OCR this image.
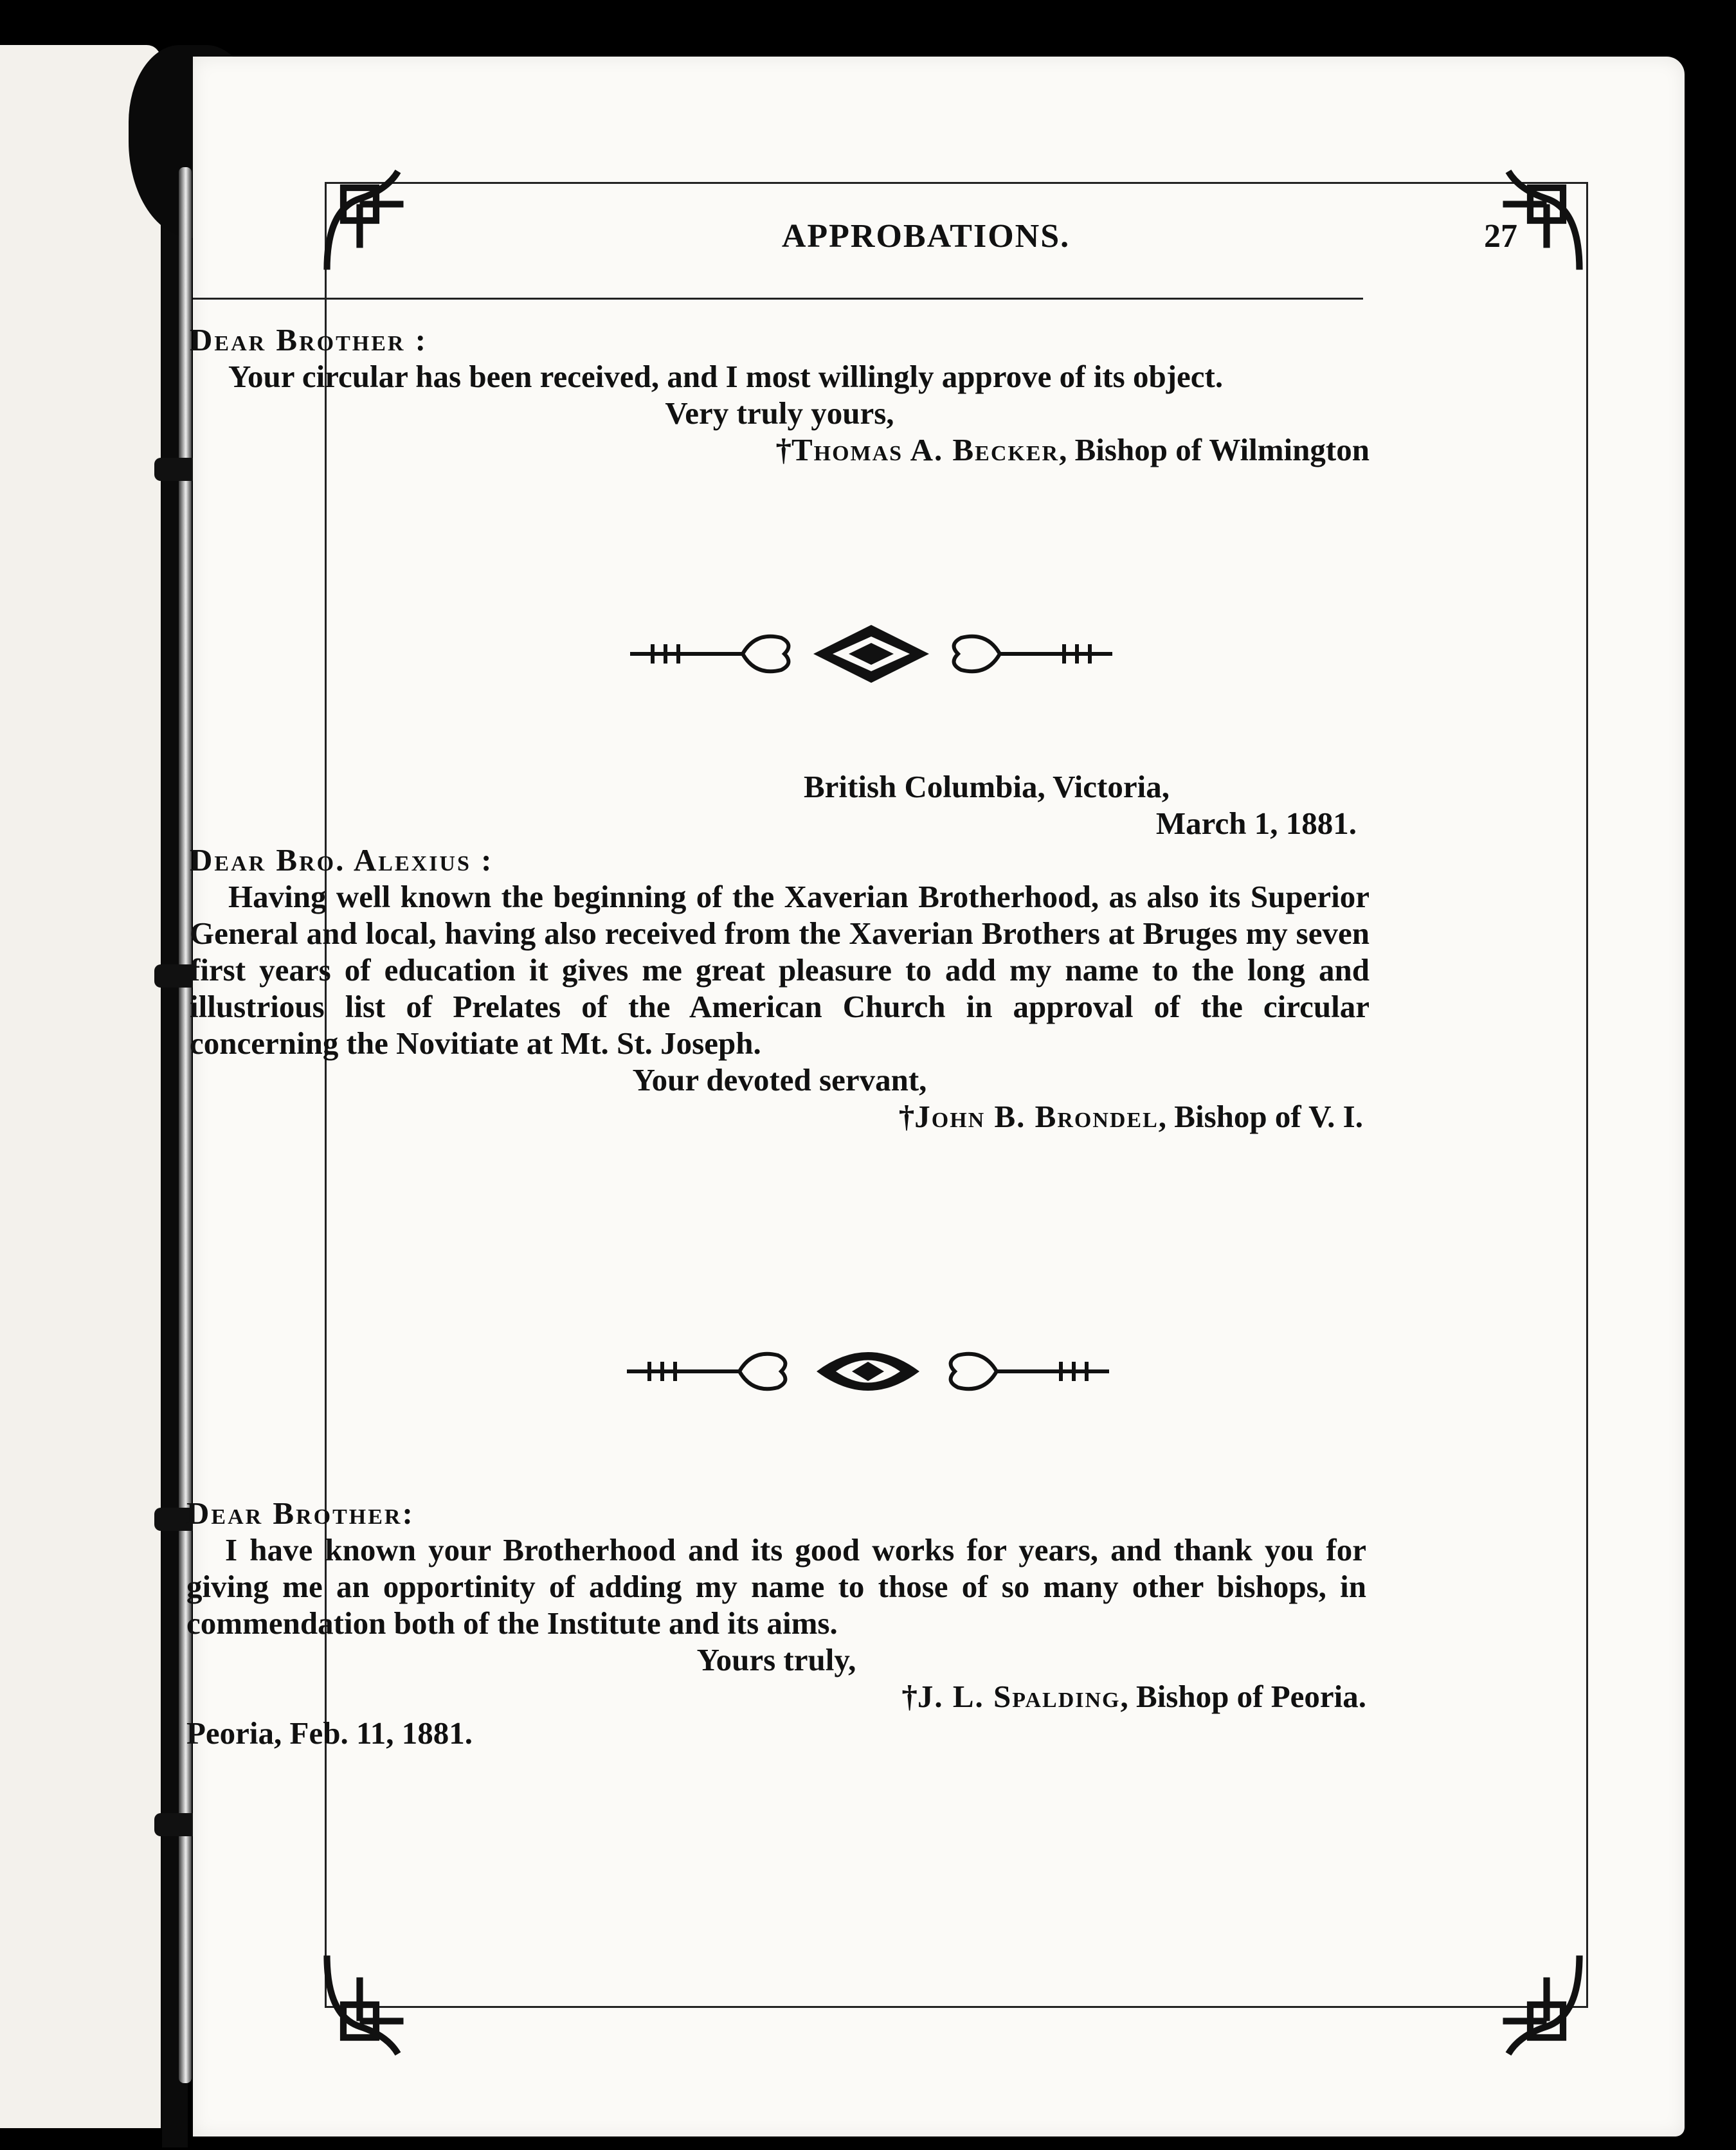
APPROBATIONS.	27
Dear Brother :
Your circular has been received, and I most willingly approve of its object.
Very truly yours,
†Thomas A. Becker, Bishop of Wilmington
British Columbia, Victoria,
March 1, 1881.
Dear Bro. Alexius :
Having well known the beginning of the Xaverian Brotherhood, as also its Superior General and local, having also received from the Xaverian Brothers at Bruges my seven first years of education it gives me great pleasure to add my name to the long and illustrious list of Prelates of the American Church in approval of the circular concerning the Novitiate at Mt. St. Joseph.
Your devoted servant,
†John B. Brondel, Bishop of V. I.
Dear Brother:
I have known your Brotherhood and its good works for years, and thank you for giving me an opportinity of adding my name to those of so many other bishops, in commendation both of the Institute and its aims.
Yours truly,
†J. L. Spalding, Bishop of Peoria.
Peoria, Feb. 11, 1881.
